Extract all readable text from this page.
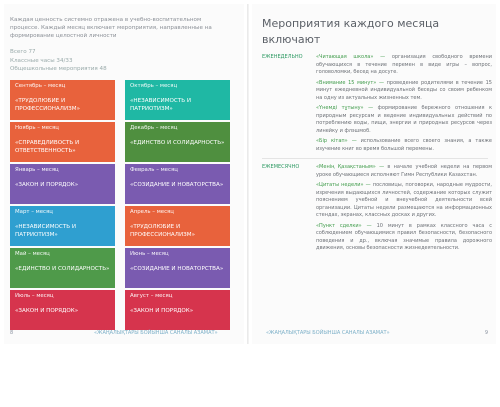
Каждая ценность системно отражена в учебно-воспитательном процессе. Каждый месяц включает мероприятия, направленные на формирование целостной личности
Всего 77
Классные часы 34/33
Общешкольные мероприятия 48
Сентябрь – месяц
«ТРУДОЛЮБИЕ И ПРОФЕССИОНАЛИЗМ»
Октябрь – месяц
«НЕЗАВИСИМОСТЬ И ПАТРИОТИЗМ»
Ноябрь – месяц
«СПРАВЕДЛИВОСТЬ И ОТВЕТСТВЕННОСТЬ»
Декабрь – месяц
«ЕДИНСТВО И СОЛИДАРНОСТЬ»
Январь – месяц
«ЗАКОН И ПОРЯДОК»
Февраль – месяц
«СОЗИДАНИЕ И НОВАТОРСТВА»
Март – месяц
«НЕЗАВИСИМОСТЬ И ПАТРИОТИЗМ»
Апрель – месяц
«ТРУДОЛЮБИЕ И ПРОФЕССИОНАЛИЗМ»
Май – месяц
«ЕДИНСТВО И СОЛИДАРНОСТЬ»
Июнь – месяц
«СОЗИДАНИЕ И НОВАТОРСТВА»
Июль – месяц
«ЗАКОН И ПОРЯДОК»
Август – месяц
«ЗАКОН И ПОРЯДОК»
8	«ЖАҢАЛЫҚТАРЫ БОЙЫНША САНАЛЫ АЗАМАТ»
Мероприятия каждого месяца включают
ЕЖЕНЕДЕЛЬНО	«Читающая школа» — организация свободного времени обучающихся в течение перемен в виде игры – вопрос, головоломки, бесед на досуге.

«Внимание 15 минут» — проведение родителями в течение 15 минут ежедневной индивидуальной беседы со своим ребенком на одну из актуальных жизненных тем.

«Үнемді тұтыну» — формирование бережного отношения к природным ресурсам и ведение индивидуальных действий по потреблению воды, пищи, энергии и природных ресурсов через линейку и флэшмоб.

«Бір кітап» — использование всего своего знания, а также изучение книг во время большой перемены.

ЕЖЕМЕСЯЧНО	«Менің Қазақстаным» — в начале учебной недели на первом уроке обучающиеся исполняют Гимн Республики Казахстан.

«Цитаты недели» — пословицы, поговорки, народные мудрости, изречения выдающихся личностей, содержание которых служит пояснением учебной и внеучебной деятельности всей организации. Цитаты недели размещаются на информационных стендах, экранах, классных досках и других.

«Пункт сделки» — 10 минут в рамках классного часа с соблюдением обучающимися правил безопасности, безопасного поведения и др., включая значимые правила дорожного движения, основы безопасности жизнедеятельности.

«ЖАҢАЛЫҚТАРЫ БОЙЫНША САНАЛЫ АЗАМАТ»	9
